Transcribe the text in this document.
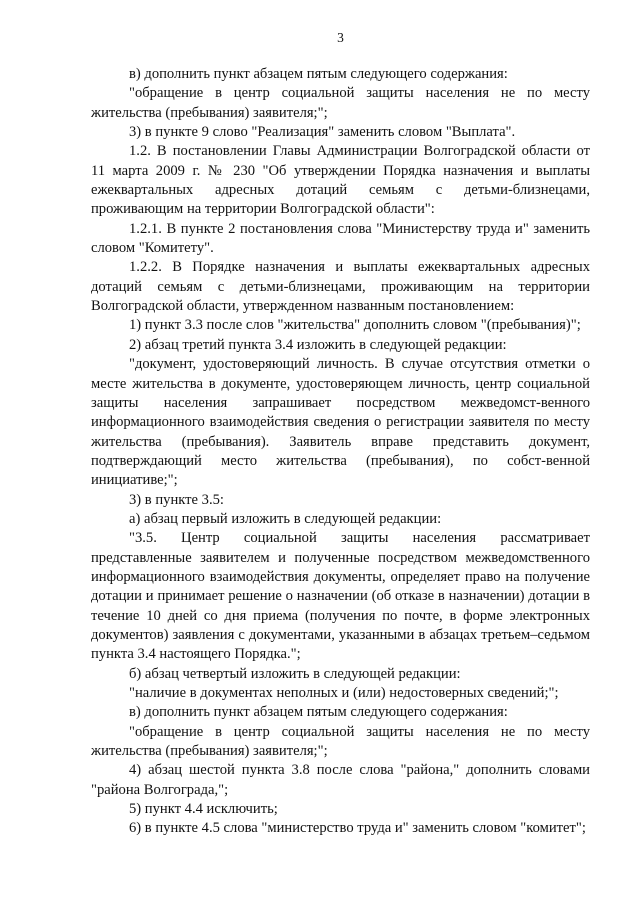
3

в) дополнить пункт абзацем пятым следующего содержания:

"обращение в центр социальной защиты населения не по месту жительства (пребывания) заявителя;";

3) в пункте 9 слово "Реализация" заменить словом "Выплата".

1.2. В постановлении Главы Администрации Волгоградской области от 11 марта 2009 г. № 230 "Об утверждении Порядка назначения и выплаты ежеквартальных адресных дотаций семьям с детьми-близнецами, проживающим на территории Волгоградской области":

1.2.1. В пункте 2 постановления слова "Министерству труда и" заменить словом "Комитету".

1.2.2. В Порядке назначения и выплаты ежеквартальных адресных дотаций семьям с детьми-близнецами, проживающим на территории Волгоградской области, утвержденном названным постановлением:

1) пункт 3.3 после слов "жительства" дополнить словом "(пребывания)";

2) абзац третий пункта 3.4 изложить в следующей редакции:

"документ, удостоверяющий личность. В случае отсутствия отметки о месте жительства в документе, удостоверяющем личность, центр социальной защиты населения запрашивает посредством межведомст-венного информационного взаимодействия сведения о регистрации заявителя по месту жительства (пребывания). Заявитель вправе представить документ, подтверждающий место жительства (пребывания), по собст-венной инициативе;";

3) в пункте 3.5:

а) абзац первый изложить в следующей редакции:

"3.5. Центр социальной защиты населения рассматривает представленные заявителем и полученные посредством межведомственного информационного взаимодействия документы, определяет право на получение дотации и принимает решение о назначении (об отказе в назначении) дотации в течение 10 дней со дня приема (получения по почте, в форме электронных документов) заявления с документами, указанными в абзацах третьем–седьмом пункта 3.4 настоящего Порядка.";

б) абзац четвертый изложить в следующей редакции:

"наличие в документах неполных и (или) недостоверных сведений;";

в) дополнить пункт абзацем пятым следующего содержания:

"обращение в центр социальной защиты населения не по месту жительства (пребывания) заявителя;";

4) абзац шестой пункта 3.8 после слова "района," дополнить словами "района Волгограда,";

5) пункт 4.4 исключить;

6) в пункте 4.5 слова "министерство труда и" заменить словом "комитет";
